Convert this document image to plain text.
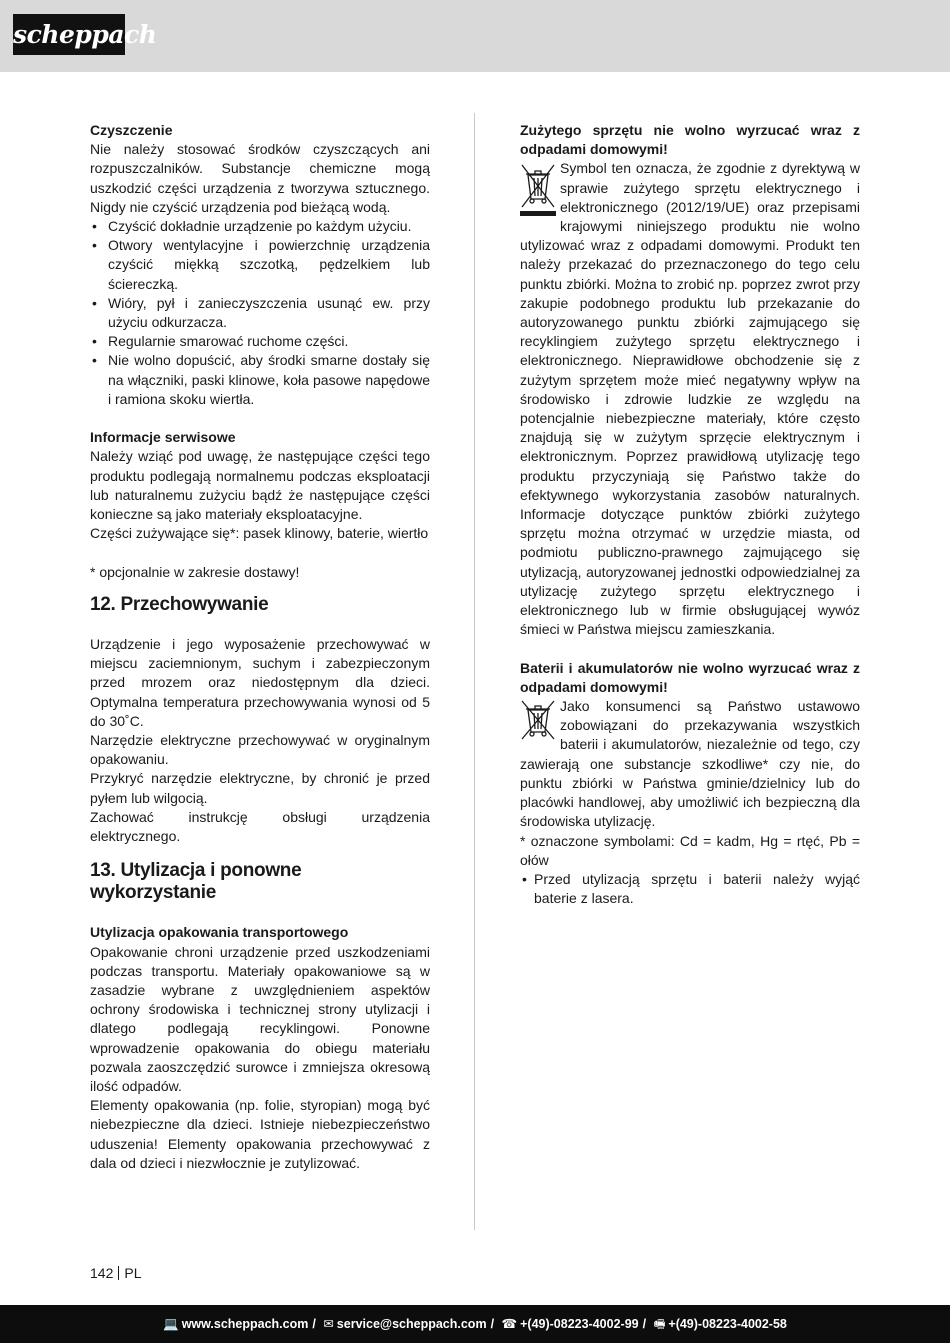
scheppach

Czyszczenie

Nie należy stosować środków czyszczących ani rozpuszczalników. Substancje chemiczne mogą uszkodzić części urządzenia z tworzywa sztucznego. Nigdy nie czyścić urządzenia pod bieżącą wodą.

• Czyścić dokładnie urządzenie po każdym użyciu.
• Otwory wentylacyjne i powierzchnię urządzenia czyścić miękką szczotką, pędzelkiem lub ściereczką.
• Wióry, pył i zanieczyszczenia usunąć ew. przy użyciu odkurzacza.
• Regularnie smarować ruchome części.
• Nie wolno dopuścić, aby środki smarne dostały się na włączniki, paski klinowe, koła pasowe napędowe i ramiona skoku wiertła.

Informacje serwisowe

Należy wziąć pod uwagę, że następujące części tego produktu podlegają normalnemu podczas eksploatacji lub naturalnemu zużyciu bądź że następujące części konieczne są jako materiały eksploatacyjne.

Części zużywające się*: pasek klinowy, baterie, wiertło

* opcjonalnie w zakresie dostawy!

12. Przechowywanie

Urządzenie i jego wyposażenie przechowywać w miejscu zaciemnionym, suchym i zabezpieczonym przed mrozem oraz niedostępnym dla dzieci. Optymalna temperatura przechowywania wynosi od 5 do 30˚C.

Narzędzie elektryczne przechowywać w oryginalnym opakowaniu.

Przykryć narzędzie elektryczne, by chronić je przed pyłem lub wilgocią.

Zachować instrukcję obsługi urządzenia elektrycznego.

13. Utylizacja i ponowne wykorzystanie

Utylizacja opakowania transportowego

Opakowanie chroni urządzenie przed uszkodzeniami podczas transportu. Materiały opakowaniowe są w zasadzie wybrane z uwzględnieniem aspektów ochrony środowiska i technicznej strony utylizacji i dlatego podlegają recyklingowi. Ponowne wprowadzenie opakowania do obiegu materiału pozwala zaoszczędzić surowce i zmniejsza okresową ilość odpadów.

Elementy opakowania (np. folie, styropian) mogą być niebezpieczne dla dzieci. Istnieje niebezpieczeństwo uduszenia! Elementy opakowania przechowywać z dala od dzieci i niezwłocznie je zutylizować.

Zużytego sprzętu nie wolno wyrzucać wraz z odpadami domowymi!

Symbol ten oznacza, że zgodnie z dyrektywą w sprawie zużytego sprzętu elektrycznego i elektronicznego (2012/19/UE) oraz przepisami krajowymi niniejszego produktu nie wolno utylizować wraz z odpadami domowymi. Produkt ten należy przekazać do przeznaczonego do tego celu punktu zbiórki. Można to zrobić np. poprzez zwrot przy zakupie podobnego produktu lub przekazanie do autoryzowanego punktu zbiórki zajmującego się recyklingiem zużytego sprzętu elektrycznego i elektronicznego. Nieprawidłowe obchodzenie się z zużytym sprzętem może mieć negatywny wpływ na środowisko i zdrowie ludzkie ze względu na potencjalnie niebezpieczne materiały, które często znajdują się w zużytym sprzęcie elektrycznym i elektronicznym. Poprzez prawidłową utylizację tego produktu przyczyniają się Państwo także do efektywnego wykorzystania zasobów naturalnych. Informacje dotyczące punktów zbiórki zużytego sprzętu można otrzymać w urzędzie miasta, od podmiotu publiczno-prawnego zajmującego się utylizacją, autoryzowanej jednostki odpowiedzialnej za utylizację zużytego sprzętu elektrycznego i elektronicznego lub w firmie obsługującej wywóz śmieci w Państwa miejscu zamieszkania.

Baterii i akumulatorów nie wolno wyrzucać wraz z odpadami domowymi!

Jako konsumenci są Państwo ustawowo zobowiązani do przekazywania wszystkich baterii i akumulatorów, niezależnie od tego, czy zawierają one substancje szkodliwe* czy nie, do punktu zbiórki w Państwa gminie/dzielnicy lub do placówki handlowej, aby umożliwić ich bezpieczną dla środowiska utylizację.

* oznaczone symbolami: Cd = kadm, Hg = rtęć, Pb = ołów

• Przed utylizacją sprzętu i baterii należy wyjąć baterie z lasera.
142 PL
💻 www.scheppach.com / ✉ service@scheppach.com / ☎ +(49)-08223-4002-99 / 🖷 +(49)-08223-4002-58
